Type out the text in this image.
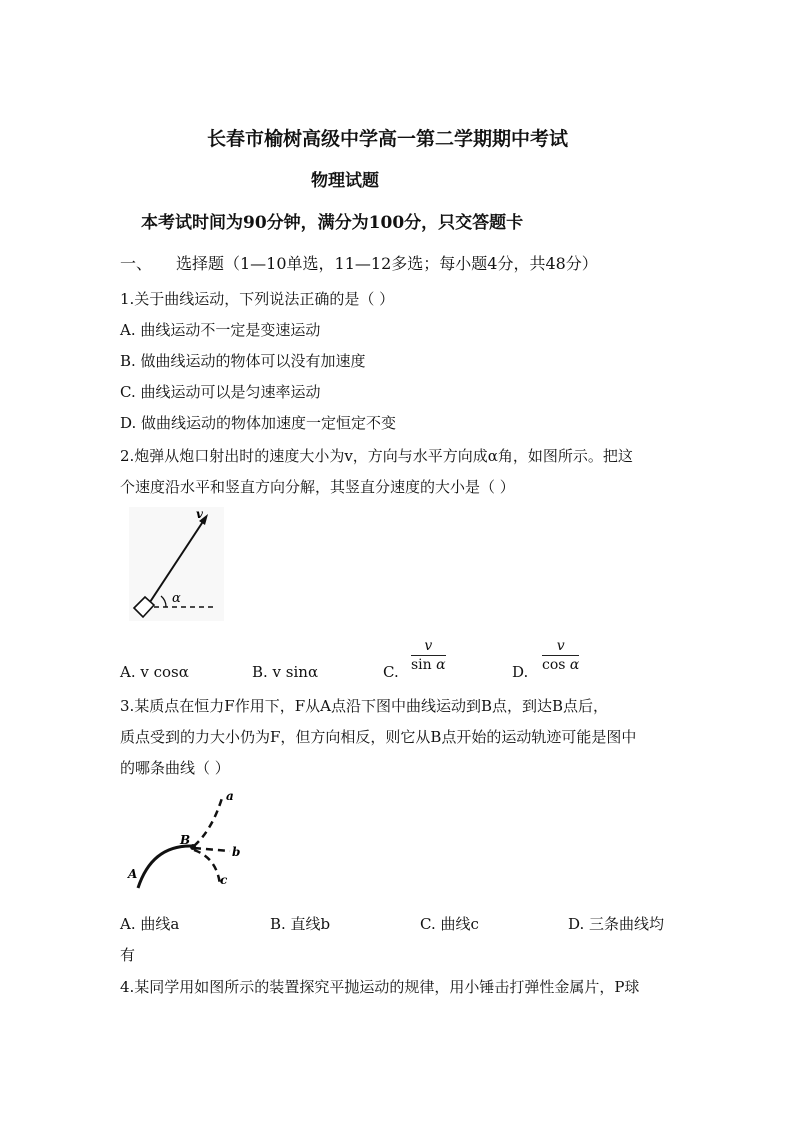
长春市榆树高级中学高一第二学期期中考试
物理试题
本考试时间为90分钟，满分为100分，只交答题卡
一、 选择题（1—10单选，11—12多选；每小题4分，共48分）
1.关于曲线运动，下列说法正确的是（ ）
A. 曲线运动不一定是变速运动
B. 做曲线运动的物体可以没有加速度
C. 曲线运动可以是匀速率运动
D. 做曲线运动的物体加速度一定恒定不变
2.炮弹从炮口射出时的速度大小为v，方向与水平方向成α角，如图所示。把这
个速度沿水平和竖直方向分解，其竖直分速度的大小是（ ）
v
α
A. v cosα	B. v sinα	C. $\frac{v}{\text{sin α}}$	D. $\frac{v}{\text{cos α}}$
3.某质点在恒力F作用下，F从A点沿下图中曲线运动到B点，到达B点后，
质点受到的力大小仍为F，但方向相反，则它从B点开始的运动轨迹可能是图中
的哪条曲线（ ）
A
B
a
b
c
A. 曲线a	B. 直线b	C. 曲线c	D. 三条曲线均
有
4.某同学用如图所示的装置探究平抛运动的规律，用小锤击打弹性金属片，P球
